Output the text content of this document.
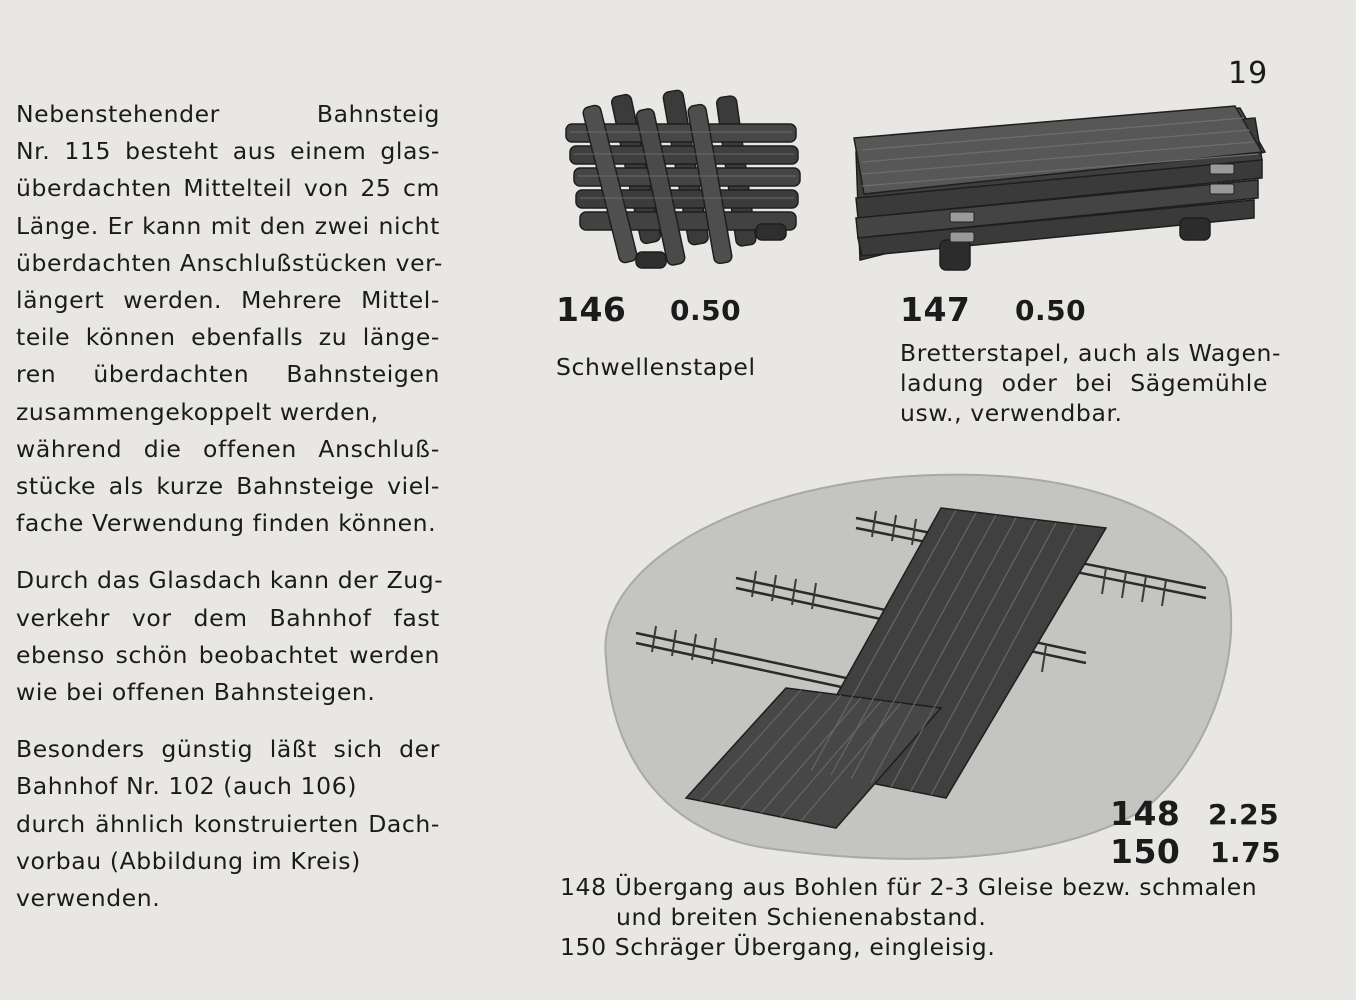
19

Nebenstehender Bahnsteig
Nr. 115 besteht aus einem glas-
überdachten Mittelteil von 25 cm
Länge. Er kann mit den zwei nicht
überdachten Anschlußstücken ver-
längert werden. Mehrere Mittel-
teile können ebenfalls zu länge-
ren überdachten Bahnsteigen
zusammengekoppelt werden,
während die offenen Anschluß-
stücke als kurze Bahnsteige viel-
fache Verwendung finden können.

Durch das Glasdach kann der Zug-
verkehr vor dem Bahnhof fast
ebenso schön beobachtet werden
wie bei offenen Bahnsteigen.

Besonders günstig läßt sich der
Bahnhof Nr. 102 (auch 106)
durch ähnlich konstruierten Dach-
vorbau (Abbildung im Kreis)
verwenden.

146 0.50
Schwellenstapel
147 0.50
Bretterstapel, auch als Wagen-
ladung oder bei Sägemühle
usw., verwendbar.
148 2.25
150 1.75
148 Übergang aus Bohlen für 2-3 Gleise bezw. schmalen
und breiten Schienenabstand.
150 Schräger Übergang, eingleisig.
